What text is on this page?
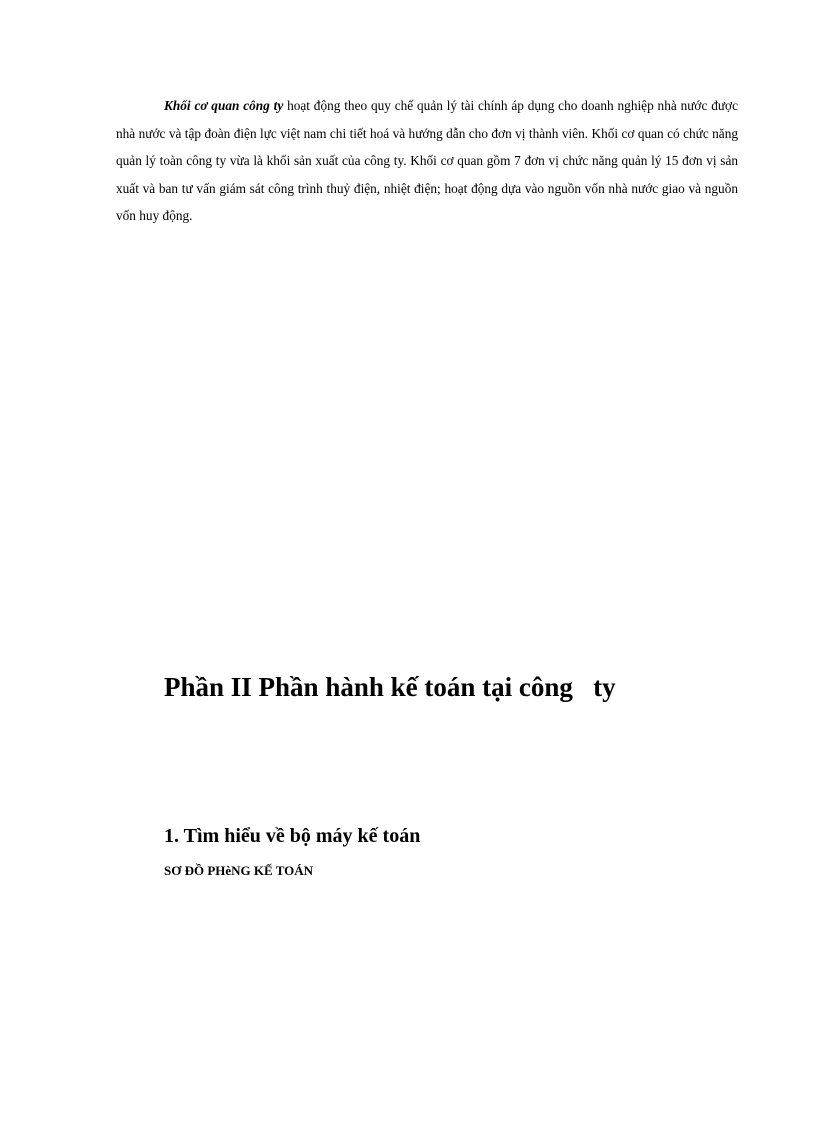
Khối cơ quan công ty hoạt động theo quy chế quản lý tài chính áp dụng cho doanh nghiệp nhà nước được nhà nước và tập đoàn điện lực việt nam chi tiết hoá và hướng dẫn cho đơn vị thành viên. Khối cơ quan có chức năng quản lý toàn công ty vừa là khối sản xuất của công ty. Khối cơ quan gồm 7 đơn vị chức năng quản lý 15 đơn vị sản xuất và ban tư vấn giám sát công trình thuỷ điện, nhiệt điện; hoạt động dựa vào nguồn vốn nhà nước giao và nguồn vốn huy động.

Phần II Phần hành kế toán tại công   ty
1. Tìm hiểu về bộ máy kế toán

SƠ ĐỒ PHèNG KẾ TOÁN
